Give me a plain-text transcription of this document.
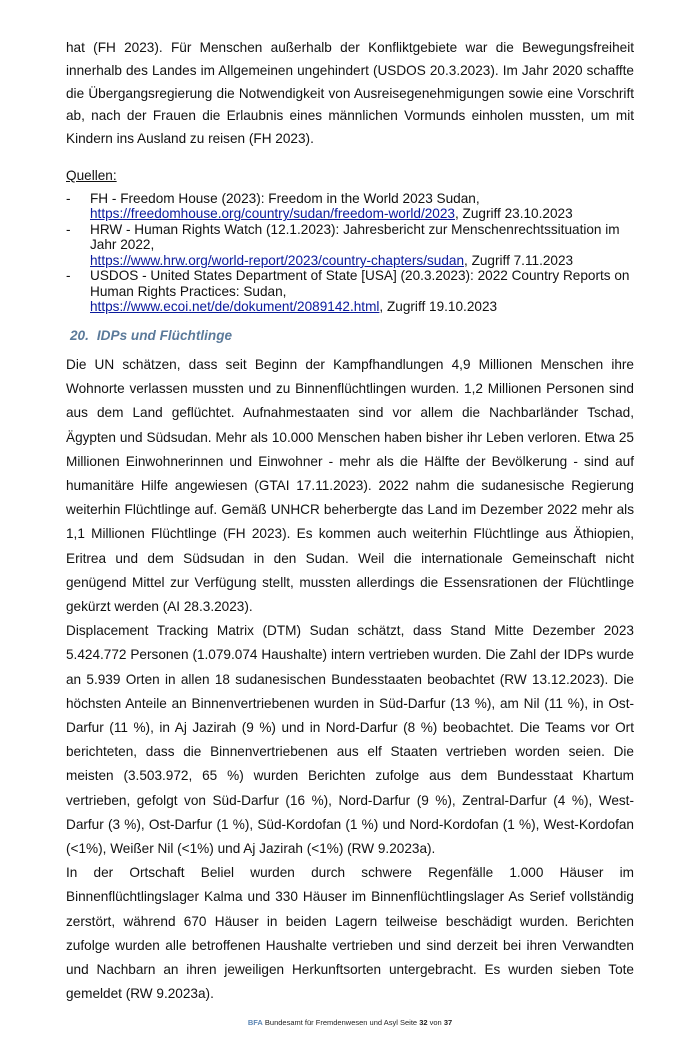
hat (FH 2023). Für Menschen außerhalb der Konfliktgebiete war die Bewegungsfreiheit innerhalb des Landes im Allgemeinen ungehindert (USDOS 20.3.2023). Im Jahr 2020 schaffte die Übergangsregierung die Notwendigkeit von Ausreisegenehmigungen sowie eine Vorschrift ab, nach der Frauen die Erlaubnis eines männlichen Vormunds einholen mussten, um mit Kindern ins Ausland zu reisen (FH 2023).

Quellen:
- FH - Freedom House (2023): Freedom in the World 2023 Sudan,
https://freedomhouse.org/country/sudan/freedom-world/2023, Zugriff 23.10.2023
- HRW - Human Rights Watch (12.1.2023): Jahresbericht zur Menschenrechtssituation im Jahr 2022,
https://www.hrw.org/world-report/2023/country-chapters/sudan, Zugriff 7.11.2023
- USDOS - United States Department of State [USA] (20.3.2023): 2022 Country Reports on Human Rights Practices: Sudan,
https://www.ecoi.net/de/dokument/2089142.html, Zugriff 19.10.2023
20. IDPs und Flüchtlinge

Die UN schätzen, dass seit Beginn der Kampfhandlungen 4,9 Millionen Menschen ihre Wohnorte verlassen mussten und zu Binnenflüchtlingen wurden. 1,2 Millionen Personen sind aus dem Land geflüchtet. Aufnahmestaaten sind vor allem die Nachbarländer Tschad, Ägypten und Südsudan. Mehr als 10.000 Menschen haben bisher ihr Leben verloren. Etwa 25 Millionen Einwohnerinnen und Einwohner - mehr als die Hälfte der Bevölkerung - sind auf humanitäre Hilfe angewiesen (GTAI 17.11.2023). 2022 nahm die sudanesische Regierung weiterhin Flüchtlinge auf. Gemäß UNHCR beherbergte das Land im Dezember 2022 mehr als 1,1 Millionen Flüchtlinge (FH 2023). Es kommen auch weiterhin Flüchtlinge aus Äthiopien, Eritrea und dem Südsudan in den Sudan. Weil die internationale Gemeinschaft nicht genügend Mittel zur Verfügung stellt, mussten allerdings die Essensrationen der Flüchtlinge gekürzt werden (AI 28.3.2023).

Displacement Tracking Matrix (DTM) Sudan schätzt, dass Stand Mitte Dezember 2023 5.424.772 Personen (1.079.074 Haushalte) intern vertrieben wurden. Die Zahl der IDPs wurde an 5.939 Orten in allen 18 sudanesischen Bundesstaaten beobachtet (RW 13.12.2023). Die höchsten Anteile an Binnenvertriebenen wurden in Süd-Darfur (13 %), am Nil (11 %), in Ost-Darfur (11 %), in Aj Jazirah (9 %) und in Nord-Darfur (8 %) beobachtet. Die Teams vor Ort berichteten, dass die Binnenvertriebenen aus elf Staaten vertrieben worden seien. Die meisten (3.503.972, 65 %) wurden Berichten zufolge aus dem Bundesstaat Khartum vertrieben, gefolgt von Süd-Darfur (16 %), Nord-Darfur (9 %), Zentral-Darfur (4 %), West-Darfur (3 %), Ost-Darfur (1 %), Süd-Kordofan (1 %) und Nord-Kordofan (1 %), West-Kordofan (<1%), Weißer Nil (<1%) und Aj Jazirah (<1%) (RW 9.2023a).

In der Ortschaft Beliel wurden durch schwere Regenfälle 1.000 Häuser im Binnenflüchtlingslager Kalma und 330 Häuser im Binnenflüchtlingslager As Serief vollständig zerstört, während 670 Häuser in beiden Lagern teilweise beschädigt wurden. Berichten zufolge wurden alle betroffenen Haushalte vertrieben und sind derzeit bei ihren Verwandten und Nachbarn an ihren jeweiligen Herkunftsorten untergebracht. Es wurden sieben Tote gemeldet (RW 9.2023a).

BFA Bundesamt für Fremdenwesen und Asyl Seite 32 von 37
